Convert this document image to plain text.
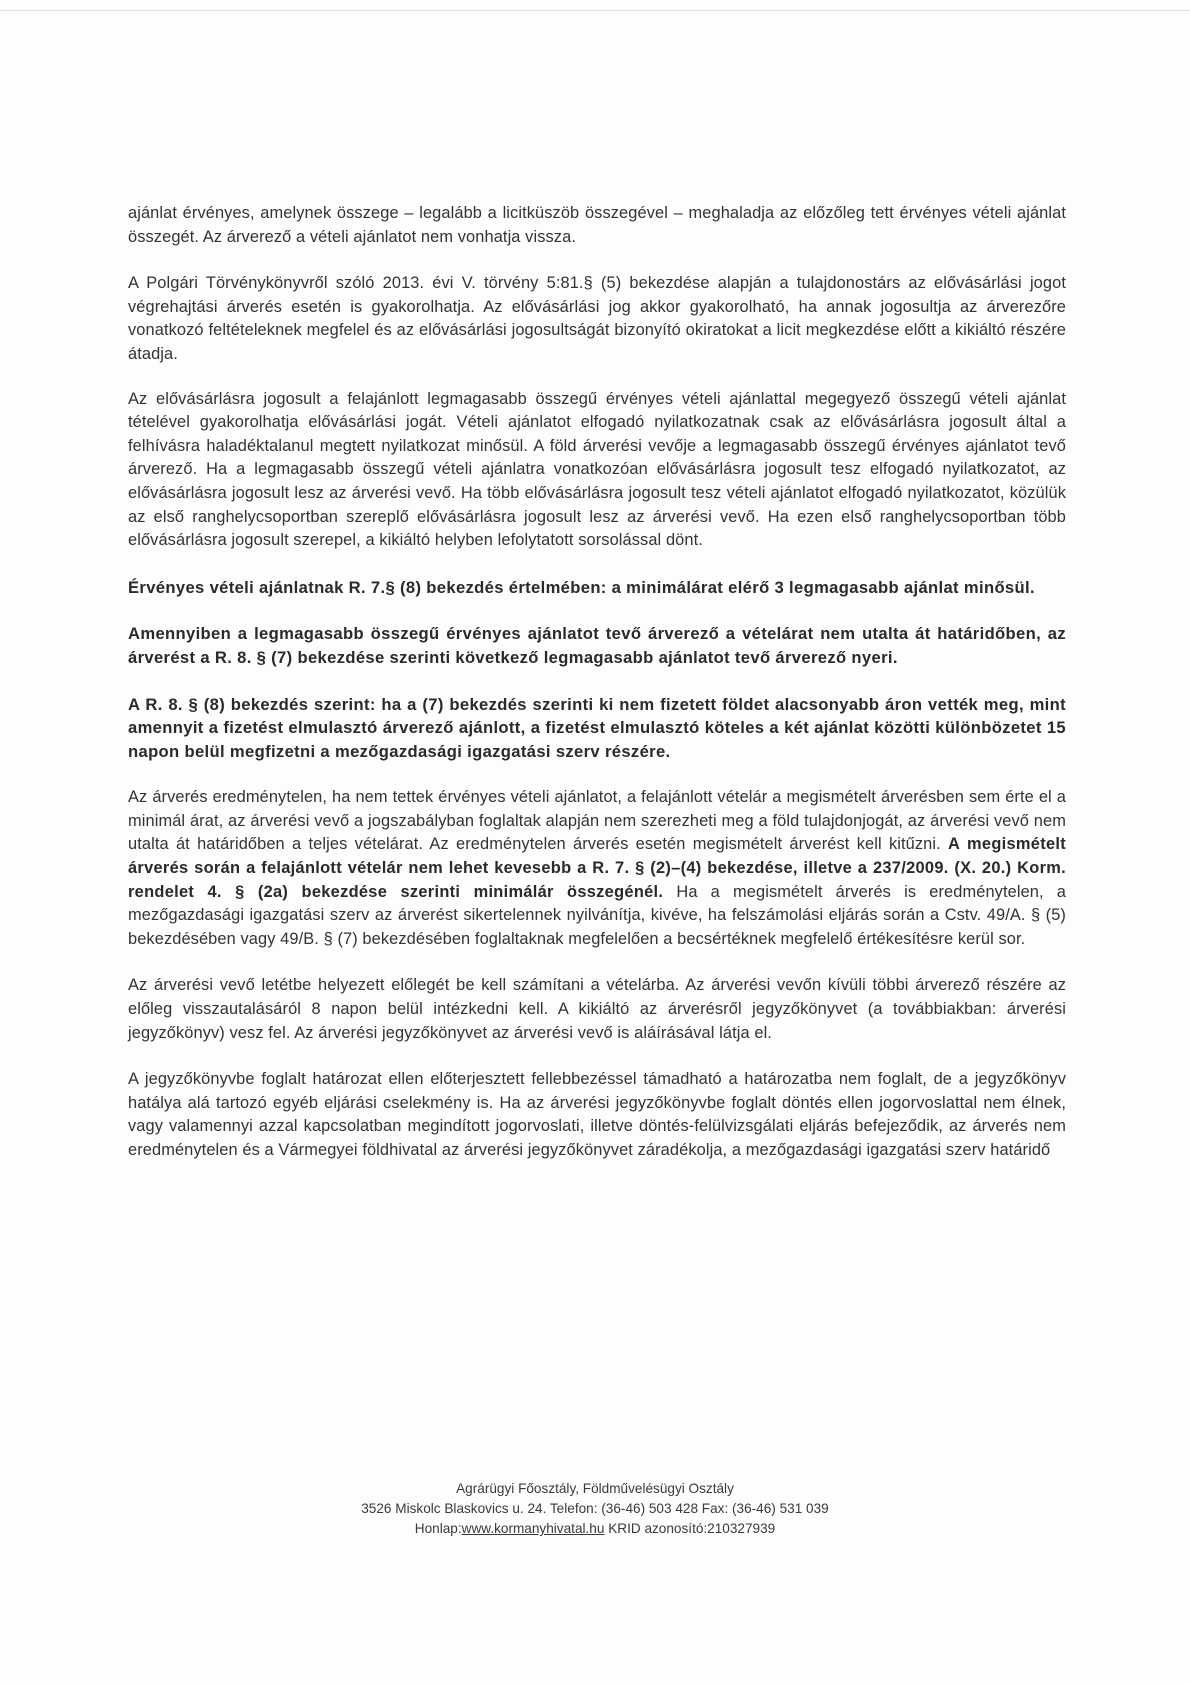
ajánlat érvényes, amelynek összege – legalább a licitküszöb összegével – meghaladja az előzőleg tett érvényes vételi ajánlat összegét. Az árverező a vételi ajánlatot nem vonhatja vissza.

A Polgári Törvénykönyvről szóló 2013. évi V. törvény 5:81.§ (5) bekezdése alapján a tulajdonostárs az elővásárlási jogot végrehajtási árverés esetén is gyakorolhatja. Az elővásárlási jog akkor gyakorolható, ha annak jogosultja az árverezőre vonatkozó feltételeknek megfelel és az elővásárlási jogosultságát bizonyító okiratokat a licit megkezdése előtt a kikiáltó részére átadja.

Az elővásárlásra jogosult a felajánlott legmagasabb összegű érvényes vételi ajánlattal megegyező összegű vételi ajánlat tételével gyakorolhatja elővásárlási jogát. Vételi ajánlatot elfogadó nyilatkozatnak csak az elővásárlásra jogosult által a felhívásra haladéktalanul megtett nyilatkozat minősül. A föld árverési vevője a legmagasabb összegű érvényes ajánlatot tevő árverező. Ha a legmagasabb összegű vételi ajánlatra vonatkozóan elővásárlásra jogosult tesz elfogadó nyilatkozatot, az elővásárlásra jogosult lesz az árverési vevő. Ha több elővásárlásra jogosult tesz vételi ajánlatot elfogadó nyilatkozatot, közülük az első ranghelycsoportban szereplő elővásárlásra jogosult lesz az árverési vevő. Ha ezen első ranghelycsoportban több elővásárlásra jogosult szerepel, a kikiáltó helyben lefolytatott sorsolással dönt.

Érvényes vételi ajánlatnak R. 7.§ (8) bekezdés értelmében: a minimálárat elérő 3 legmagasabb ajánlat minősül.

Amennyiben a legmagasabb összegű érvényes ajánlatot tevő árverező a vételárat nem utalta át határidőben, az árverést a R. 8. § (7) bekezdése szerinti következő legmagasabb ajánlatot tevő árverező nyeri.

A R. 8. § (8) bekezdés szerint: ha a (7) bekezdés szerinti ki nem fizetett földet alacsonyabb áron vették meg, mint amennyit a fizetést elmulasztó árverező ajánlott, a fizetést elmulasztó köteles a két ajánlat közötti különbözetet 15 napon belül megfizetni a mezőgazdasági igazgatási szerv részére.

Az árverés eredménytelen, ha nem tettek érvényes vételi ajánlatot, a felajánlott vételár a megismételt árverésben sem érte el a minimál árat, az árverési vevő a jogszabályban foglaltak alapján nem szerezheti meg a föld tulajdonjogát, az árverési vevő nem utalta át határidőben a teljes vételárat. Az eredménytelen árverés esetén megismételt árverést kell kitűzni. A megismételt árverés során a felajánlott vételár nem lehet kevesebb a R. 7. § (2)–(4) bekezdése, illetve a 237/2009. (X. 20.) Korm. rendelet 4. § (2a) bekezdése szerinti minimálár összegénél. Ha a megismételt árverés is eredménytelen, a mezőgazdasági igazgatási szerv az árverést sikertelennek nyilvánítja, kivéve, ha felszámolási eljárás során a Cstv. 49/A. § (5) bekezdésében vagy 49/B. § (7) bekezdésében foglaltaknak megfelelően a becsértéknek megfelelő értékesítésre kerül sor.

Az árverési vevő letétbe helyezett előlegét be kell számítani a vételárba. Az árverési vevőn kívüli többi árverező részére az előleg visszautalásáról 8 napon belül intézkedni kell. A kikiáltó az árverésről jegyzőkönyvet (a továbbiakban: árverési jegyzőkönyv) vesz fel. Az árverési jegyzőkönyvet az árverési vevő is aláírásával látja el.

A jegyzőkönyvbe foglalt határozat ellen előterjesztett fellebbezéssel támadható a határozatba nem foglalt, de a jegyzőkönyv hatálya alá tartozó egyéb eljárási cselekmény is. Ha az árverési jegyzőkönyvbe foglalt döntés ellen jogorvoslattal nem élnek, vagy valamennyi azzal kapcsolatban megindított jogorvoslati, illetve döntés-felülvizsgálati eljárás befejeződik, az árverés nem eredménytelen és a Vármegyei földhivatal az árverési jegyzőkönyvet záradékolja, a mezőgazdasági igazgatási szerv határidő

Agrárügyi Főosztály, Földművelésügyi Osztály
3526 Miskolc Blaskovics u. 24. Telefon: (36-46) 503 428 Fax: (36-46) 531 039
Honlap:www.kormanyhivatal.hu KRID azonosító:210327939
